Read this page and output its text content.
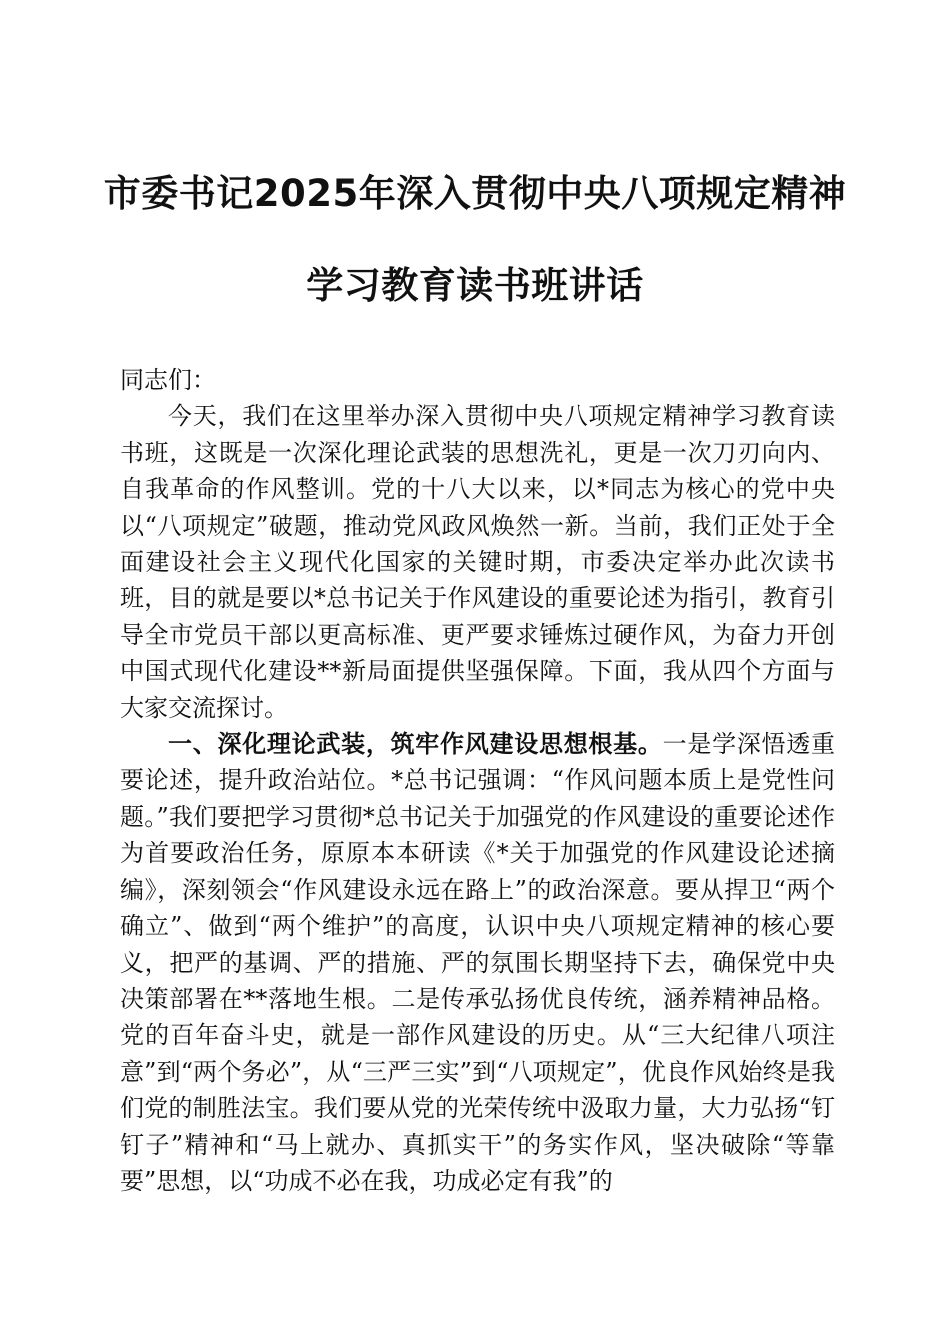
市委书记2025年深入贯彻中央八项规定精神
学习教育读书班讲话

同志们：

今天，我们在这里举办深入贯彻中央八项规定精神学习教育读书班，这既是一次深化理论武装的思想洗礼，更是一次刀刃向内、自我革命的作风整训。党的十八大以来，以*同志为核心的党中央以“八项规定”破题，推动党风政风焕然一新。当前，我们正处于全面建设社会主义现代化国家的关键时期，市委决定举办此次读书班，目的就是要以*总书记关于作风建设的重要论述为指引，教育引导全市党员干部以更高标准、更严要求锤炼过硬作风，为奋力开创中国式现代化建设**新局面提供坚强保障。下面，我从四个方面与大家交流探讨。

一、深化理论武装，筑牢作风建设思想根基。一是学深悟透重要论述，提升政治站位。*总书记强调：“作风问题本质上是党性问题。”我们要把学习贯彻*总书记关于加强党的作风建设的重要论述作为首要政治任务，原原本本研读《*关于加强党的作风建设论述摘编》，深刻领会“作风建设永远在路上”的政治深意。要从捍卫“两个确立”、做到“两个维护”的高度，认识中央八项规定精神的核心要义，把严的基调、严的措施、严的氛围长期坚持下去，确保党中央决策部署在**落地生根。二是传承弘扬优良传统，涵养精神品格。党的百年奋斗史，就是一部作风建设的历史。从“三大纪律八项注意”到“两个务必”，从“三严三实”到“八项规定”，优良作风始终是我们党的制胜法宝。我们要从党的光荣传统中汲取力量，大力弘扬“钉钉子”精神和“马上就办、真抓实干”的务实作风，坚决破除“等靠要”思想，以“功成不必在我，功成必定有我”的
